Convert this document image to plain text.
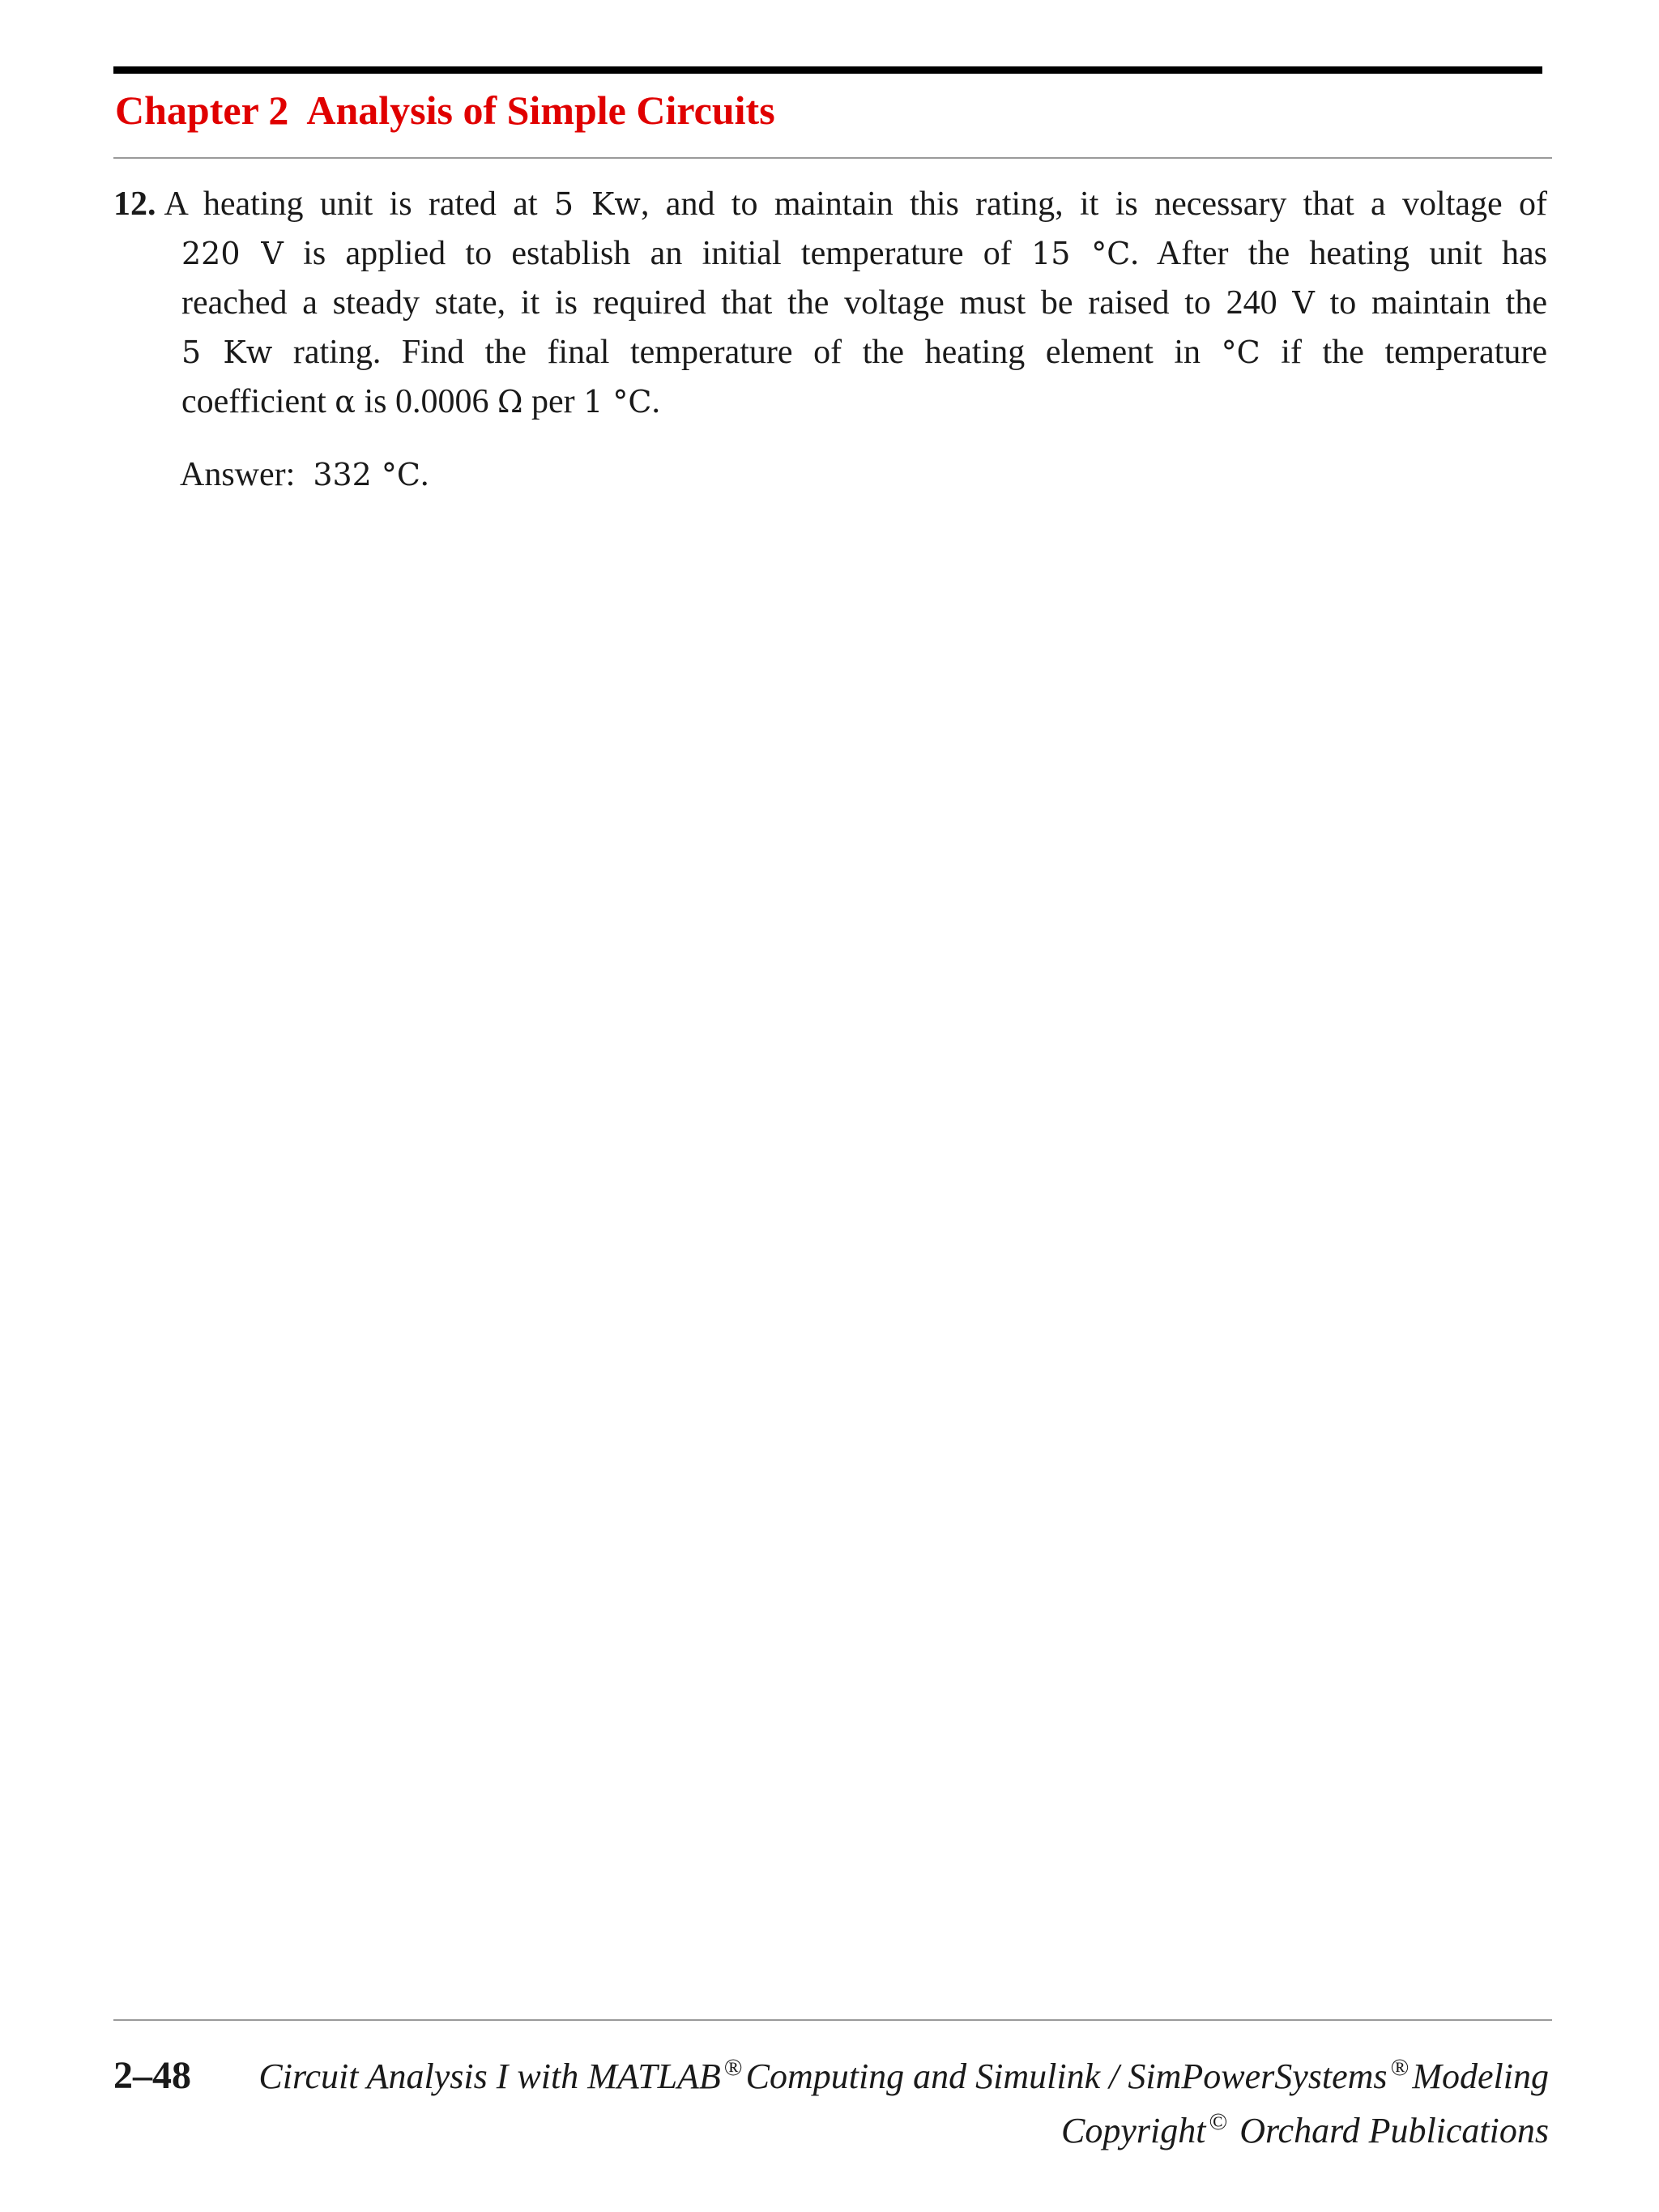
Chapter 2 Analysis of Simple Circuits
12. A heating unit is rated at 5 Kw, and to maintain this rating, it is necessary that a voltage of
220 V is applied to establish an initial temperature of 15 °C. After the heating unit has
reached a steady state, it is required that the voltage must be raised to 240 V to maintain the
5 Kw rating. Find the final temperature of the heating element in °C if the temperature
coefficient α is 0.0006 Ω per 1 °C.
Answer: 332 °C.
2–48 Circuit Analysis I with MATLAB ®Computing and Simulink / SimPowerSystems ®Modeling
Copyright © Orchard Publications
